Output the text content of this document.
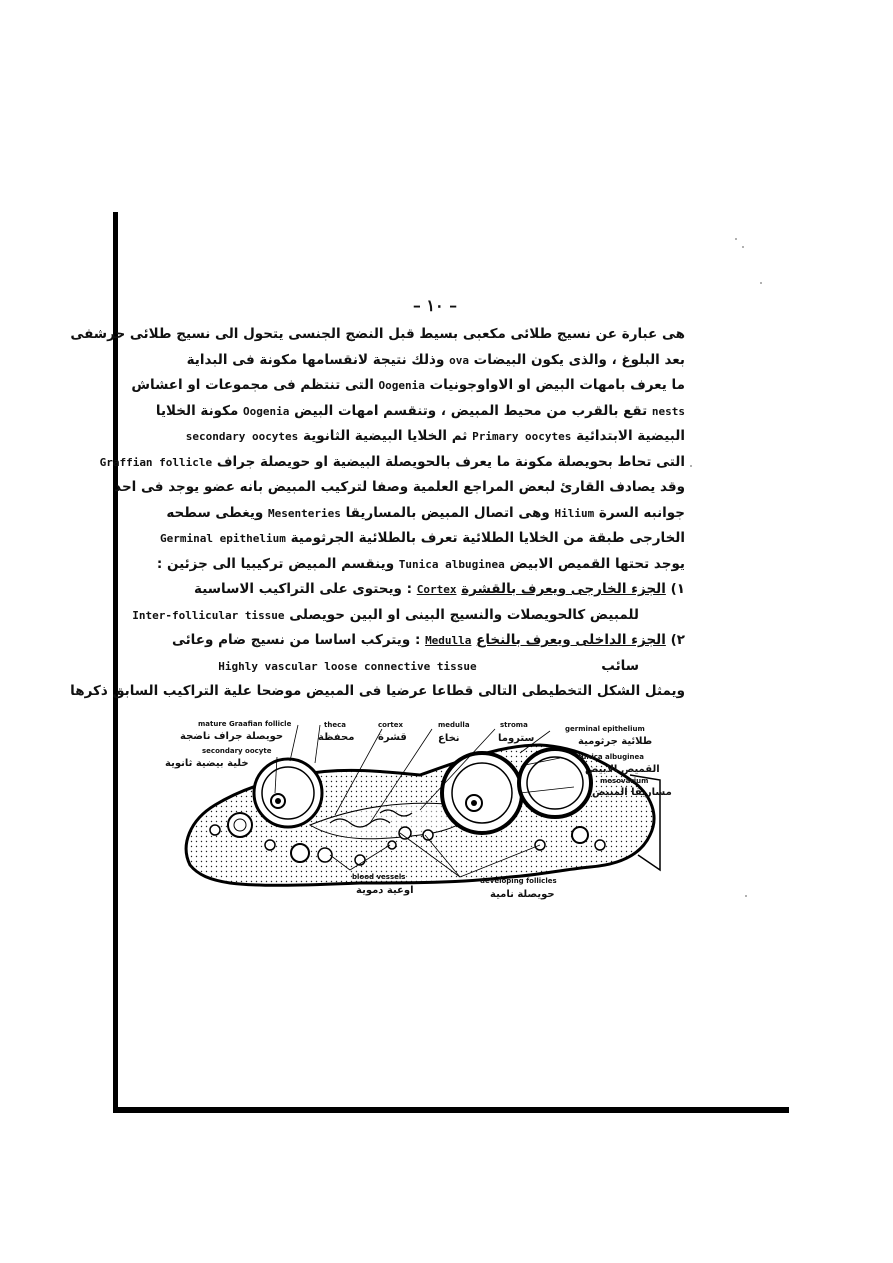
– ١٠ –
هى عبارة عن نسيج طلائى مكعبى بسيط قبل النضج الجنسى يتحول الى نسيج طلائى حرشفى
بعد البلوغ ، والذى يكون البيضات ova وذلك نتيجة لانقسامها مكونة فى البداية
ما يعرف بامهات البيض او الاواوجونيات Oogenia التى تنتظم فى مجموعات او اعشاش
nests تقع بالقرب من محيط المبيض ، وتنقسم امهات البيض Oogenia مكونة الخلايا
البيضية الابتدائية Primary oocytes ثم الخلايا البيضية الثانوية secondary oocytes
التى تحاط بحويصلة مكونة ما يعرف بالحويصلة البيضية او حويصلة جراف Graffian follicle
وقد يصادف القارئ لبعض المراجع العلمية وصفا لتركيب المبيض بانه عضو يوجد فى احد
جوانبه السرة Hilium وهى اتصال المبيض بالمساريقا Mesenteries ويغطى سطحه
الخارجى طبقة من الخلايا الطلائية تعرف بالطلائية الجرثومية Germinal epithelium
يوجد تحتها القميص الابيض Tunica albuginea وينقسم المبيض تركيبيا الى جزئين :
١) الجزء الخارجى ويعرف بالقشرة Cortex : ويحتوى على التراكيب الاساسية
للمبيض كالحويصلات والنسيج البينى او البين حويصلى Inter-follicular tissue
٢) الجزء الداخلى ويعرف بالنخاع Medulla : ويتركب اساسا من نسيج ضام وعائى
سائب Highly vascular loose connective tissue
ويمثل الشكل التخطيطى التالى قطاعا عرضيا فى المبيض موضحا علية التراكيب السابق ذكرها
mature Graafian follicle
حويصلة جراف ناضجة
secondary oocyte
خلية بيضية ثانوية
theca
محفظة
cortex
قشرة
medulla
نخاع
stroma
ستروما
germinal epithelium
طلائية جرثومية
tunica albuginea
القميص الابيض
mesovarium
مساريقا المبيض
blood vessels
اوعية دموية
developing follicles
حويصلة نامية
